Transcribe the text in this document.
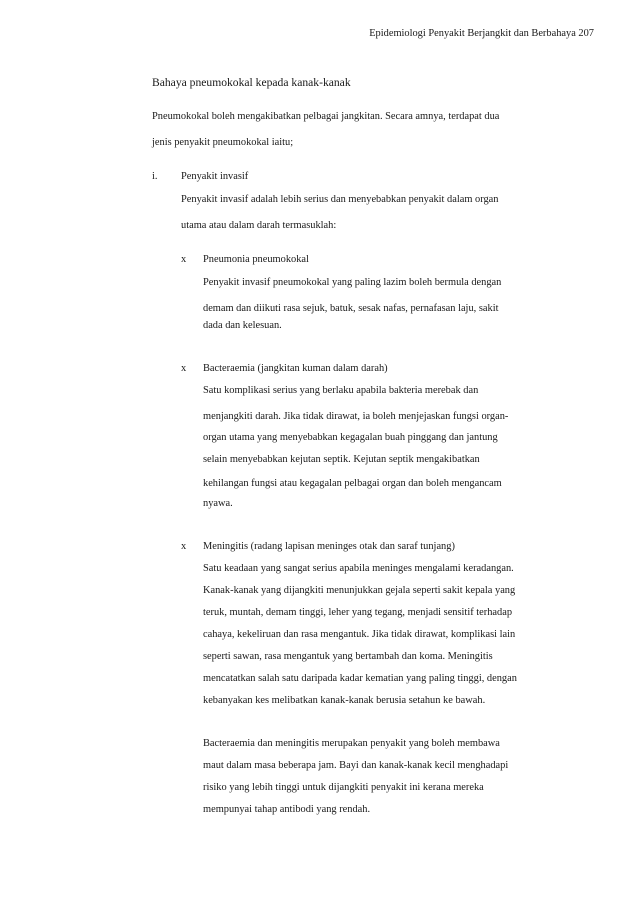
Epidemiologi Penyakit Berjangkit dan Berbahaya 207
Bahaya pneumokokal kepada kanak-kanak
Pneumokokal boleh mengakibatkan pelbagai jangkitan. Secara amnya, terdapat dua
jenis penyakit pneumokokal iaitu;
i. Penyakit invasif
Penyakit invasif adalah lebih serius dan menyebabkan penyakit dalam organ
utama atau dalam darah termasuklah:
x Pneumonia pneumokokal
Penyakit invasif pneumokokal yang paling lazim boleh bermula dengan
demam dan diikuti rasa sejuk, batuk, sesak nafas, pernafasan laju, sakit
dada dan kelesuan.
x Bacteraemia (jangkitan kuman dalam darah)
Satu komplikasi serius yang berlaku apabila bakteria merebak dan
menjangkiti darah. Jika tidak dirawat, ia boleh menjejaskan fungsi organ-
organ utama yang menyebabkan kegagalan buah pinggang dan jantung
selain menyebabkan kejutan septik. Kejutan septik mengakibatkan
kehilangan fungsi atau kegagalan pelbagai organ dan boleh mengancam
nyawa.
x Meningitis (radang lapisan meninges otak dan saraf tunjang)
Satu keadaan yang sangat serius apabila meninges mengalami keradangan.
Kanak-kanak yang dijangkiti menunjukkan gejala seperti sakit kepala yang
teruk, muntah, demam tinggi, leher yang tegang, menjadi sensitif terhadap
cahaya, kekeliruan dan rasa mengantuk. Jika tidak dirawat, komplikasi lain
seperti sawan, rasa mengantuk yang bertambah dan koma. Meningitis
mencatatkan salah satu daripada kadar kematian yang paling tinggi, dengan
kebanyakan kes melibatkan kanak-kanak berusia setahun ke bawah.
Bacteraemia dan meningitis merupakan penyakit yang boleh membawa
maut dalam masa beberapa jam. Bayi dan kanak-kanak kecil menghadapi
risiko yang lebih tinggi untuk dijangkiti penyakit ini kerana mereka
mempunyai tahap antibodi yang rendah.
